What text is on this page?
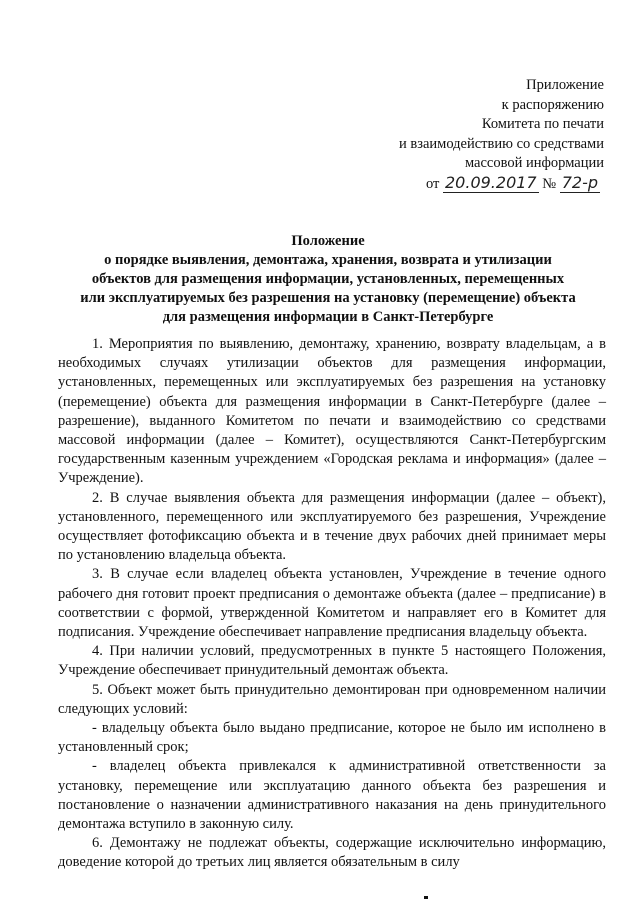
Приложение
к распоряжению
Комитета по печати
и взаимодействию со средствами
массовой информации
от 20.09.2017 № 72-р
Положение
о порядке выявления, демонтажа, хранения, возврата и утилизации
объектов для размещения информации, установленных, перемещенных
или эксплуатируемых без разрешения на установку (перемещение) объекта
для размещения информации в Санкт-Петербурге

1. Мероприятия по выявлению, демонтажу, хранению, возврату владельцам, а в необходимых случаях утилизации объектов для размещения информации, установленных, перемещенных или эксплуатируемых без разрешения на установку (перемещение) объекта для размещения информации в Санкт-Петербурге (далее – разрешение), выданного Комитетом по печати и взаимодействию со средствами массовой информации (далее – Комитет), осуществляются Санкт-Петербургским государственным казенным учреждением «Городская реклама и информация» (далее – Учреждение).

2. В случае выявления объекта для размещения информации (далее – объект), установленного, перемещенного или эксплуатируемого без разрешения, Учреждение осуществляет фотофиксацию объекта и в течение двух рабочих дней принимает меры по установлению владельца объекта.

3. В случае если владелец объекта установлен, Учреждение в течение одного рабочего дня готовит проект предписания о демонтаже объекта (далее – предписание) в соответствии с формой, утвержденной Комитетом и направляет его в Комитет для подписания. Учреждение обеспечивает направление предписания владельцу объекта.

4. При наличии условий, предусмотренных в пункте 5 настоящего Положения, Учреждение обеспечивает принудительный демонтаж объекта.

5. Объект может быть принудительно демонтирован при одновременном наличии следующих условий:

- владельцу объекта было выдано предписание, которое не было им исполнено в установленный срок;

- владелец объекта привлекался к административной ответственности за установку, перемещение или эксплуатацию данного объекта без разрешения и постановление о назначении административного наказания на день принудительного демонтажа вступило в законную силу.

6. Демонтажу не подлежат объекты, содержащие исключительно информацию, доведение которой до третьих лиц является обязательным в силу
